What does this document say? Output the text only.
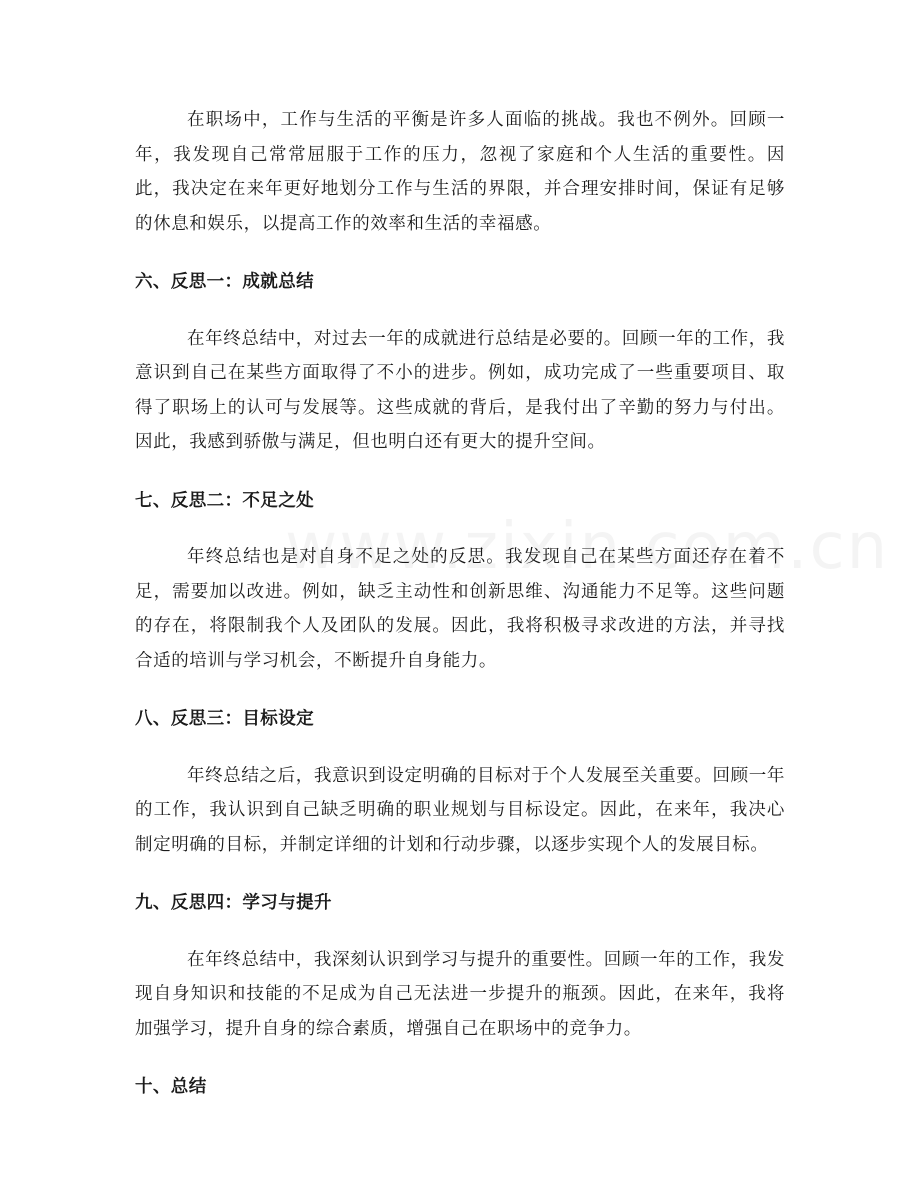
在职场中，工作与生活的平衡是许多人面临的挑战。我也不例外。回顾一年，我发现自己常常屈服于工作的压力，忽视了家庭和个人生活的重要性。因此，我决定在来年更好地划分工作与生活的界限，并合理安排时间，保证有足够的休息和娱乐，以提高工作的效率和生活的幸福感。

六、反思一：成就总结

在年终总结中，对过去一年的成就进行总结是必要的。回顾一年的工作，我意识到自己在某些方面取得了不小的进步。例如，成功完成了一些重要项目、取得了职场上的认可与发展等。这些成就的背后，是我付出了辛勤的努力与付出。因此，我感到骄傲与满足，但也明白还有更大的提升空间。

七、反思二：不足之处

年终总结也是对自身不足之处的反思。我发现自己在某些方面还存在着不足，需要加以改进。例如，缺乏主动性和创新思维、沟通能力不足等。这些问题的存在，将限制我个人及团队的发展。因此，我将积极寻求改进的方法，并寻找合适的培训与学习机会，不断提升自身能力。

八、反思三：目标设定

年终总结之后，我意识到设定明确的目标对于个人发展至关重要。回顾一年的工作，我认识到自己缺乏明确的职业规划与目标设定。因此，在来年，我决心制定明确的目标，并制定详细的计划和行动步骤，以逐步实现个人的发展目标。

九、反思四：学习与提升

在年终总结中，我深刻认识到学习与提升的重要性。回顾一年的工作，我发现自身知识和技能的不足成为自己无法进一步提升的瓶颈。因此，在来年，我将加强学习，提升自身的综合素质，增强自己在职场中的竞争力。

十、总结
